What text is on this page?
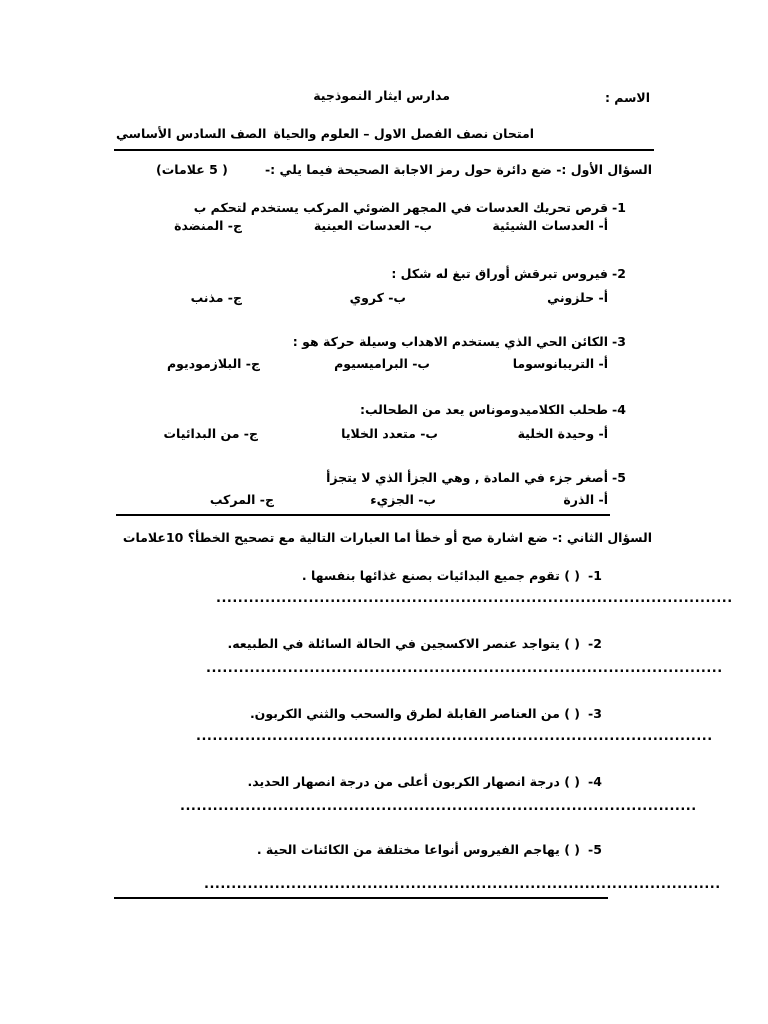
الاسم :
مدارس ايثار النموذجية
امتحان نصف الفصل الاول – العلوم والحياة
الصف السادس الأساسي
السؤال الأول :- ضع دائرة حول رمز الاجابة الصحيحة فيما يلي :-
( 5 علامات)
-1
قرص تحريك العدسات في المجهر الضوئي المركب يستخدم لتحكم ب
أ- العدسات الشيئية
ب- العدسات العينية
ج- المنضدة
-2
فيروس تبرقش أوراق تبغ له شكل :
أ- حلزوني
ب- كروي
ج- مذنب
-3
الكائن الحي الذي يستخدم الاهداب وسيلة حركة هو :
أ- التريبانوسوما
ب- البراميسيوم
ج- البلازموديوم
-4
طحلب الكلاميدوموناس يعد من الطحالب:
أ- وحيدة الخلية
ب- متعدد الخلايا
ج- من البدائيات
-5
أصغر جزء في المادة , وهي الجزأ الذي لا يتجزأ
أ- الذرة
ب- الجزيء
ج- المركب
السؤال الثاني :- ضع اشارة صح أو خطأ اما العبارات التالية مع تصحيح الخطأ؟ 10علامات
-1
( ) تقوم جميع البدائيات بصنع غذائها بنفسها .
...............................................................................................
-2
( ) يتواجد عنصر الاكسجين في الحالة السائلة في الطبيعه.
...............................................................................................
-3
( ) من العناصر القابلة لطرق والسحب والثني الكربون.
...............................................................................................
-4
( ) درجة انصهار الكربون أعلى من درجة انصهار الحديد.
...............................................................................................
-5
( ) يهاجم الفيروس أنواعا مختلفة من الكائنات الحية .
...............................................................................................
